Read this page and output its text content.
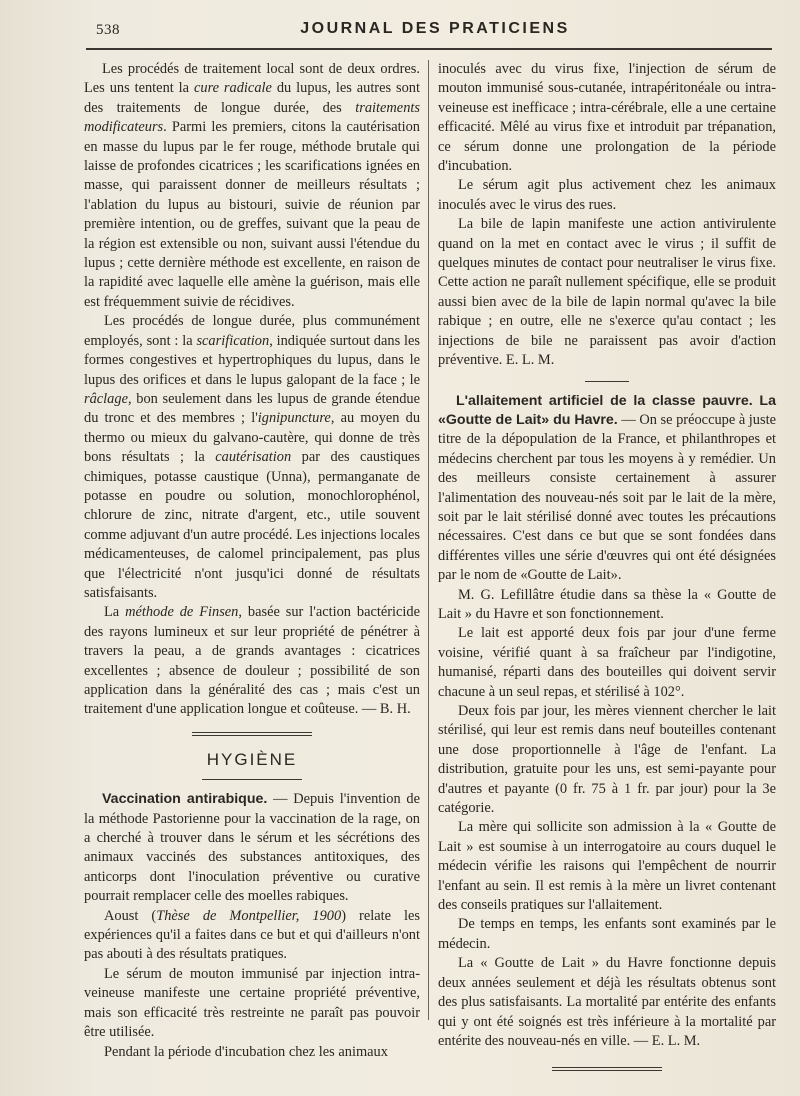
538	JOURNAL DES PRATICIENS

Les procédés de traitement local sont de deux ordres. Les uns tentent la cure radicale du lupus, les autres sont des traitements de longue durée, des traitements modificateurs. Parmi les premiers, citons la cautérisation en masse du lupus par le fer rouge, méthode brutale qui laisse de profondes cicatrices ; les scarifications ignées en masse, qui paraissent donner de meilleurs résultats ; l'ablation du lupus au bistouri, suivie de réunion par première intention, ou de greffes, suivant que la peau de la région est extensible ou non, suivant aussi l'étendue du lupus ; cette dernière méthode est excellente, en raison de la rapidité avec laquelle elle amène la guérison, mais elle est fréquemment suivie de récidives.

Les procédés de longue durée, plus communément employés, sont : la scarification, indiquée surtout dans les formes congestives et hypertrophiques du lupus, dans le lupus des orifices et dans le lupus galopant de la face ; le râclage, bon seulement dans les lupus de grande étendue du tronc et des membres ; l'ignipuncture, au moyen du thermo ou mieux du galvano-cautère, qui donne de très bons résultats ; la cautérisation par des caustiques chimiques, potasse caustique (Unna), permanganate de potasse en poudre ou solution, monochlorophénol, chlorure de zinc, nitrate d'argent, etc., utile souvent comme adjuvant d'un autre procédé. Les injections locales médicamenteuses, de calomel principalement, pas plus que l'électricité n'ont jusqu'ici donné de résultats satisfaisants.

La méthode de Finsen, basée sur l'action bactéricide des rayons lumineux et sur leur propriété de pénétrer à travers la peau, a de grands avantages : cicatrices excellentes ; absence de douleur ; possibilité de son application dans la généralité des cas ; mais c'est un traitement d'une application longue et coûteuse. — B. H.

HYGIÈNE

Vaccination antirabique. — Depuis l'invention de la méthode Pastorienne pour la vaccination de la rage, on a cherché à trouver dans le sérum et les sécrétions des animaux vaccinés des substances antitoxiques, des anticorps dont l'inoculation préventive ou curative pourrait remplacer celle des moelles rabiques.

Aoust (Thèse de Montpellier, 1900) relate les expériences qu'il a faites dans ce but et qui d'ailleurs n'ont pas abouti à des résultats pratiques.

Le sérum de mouton immunisé par injection intra-veineuse manifeste une certaine propriété préventive, mais son efficacité très restreinte ne paraît pas pouvoir être utilisée.

Pendant la période d'incubation chez les animaux

inoculés avec du virus fixe, l'injection de sérum de mouton immunisé sous-cutanée, intrapéritonéale ou intra-veineuse est inefficace ; intra-cérébrale, elle a une certaine efficacité. Mêlé au virus fixe et introduit par trépanation, ce sérum donne une prolongation de la période d'incubation.

Le sérum agit plus activement chez les animaux inoculés avec le virus des rues.

La bile de lapin manifeste une action antivirulente quand on la met en contact avec le virus ; il suffit de quelques minutes de contact pour neutraliser le virus fixe. Cette action ne paraît nullement spécifique, elle se produit aussi bien avec de la bile de lapin normal qu'avec la bile rabique ; en outre, elle ne s'exerce qu'au contact ; les injections de bile ne paraissent pas avoir d'action préventive. E. L. M.

L'allaitement artificiel de la classe pauvre. La «Goutte de Lait» du Havre. — On se préoccupe à juste titre de la dépopulation de la France, et philanthropes et médecins cherchent par tous les moyens à y remédier. Un des meilleurs consiste certainement à assurer l'alimentation des nouveau-nés soit par le lait de la mère, soit par le lait stérilisé donné avec toutes les précautions nécessaires. C'est dans ce but que se sont fondées dans différentes villes une série d'œuvres qui ont été désignées par le nom de «Goutte de Lait».

M. G. Lefillâtre étudie dans sa thèse la « Goutte de Lait » du Havre et son fonctionnement.

Le lait est apporté deux fois par jour d'une ferme voisine, vérifié quant à sa fraîcheur par l'indigotine, humanisé, réparti dans des bouteilles qui doivent servir chacune à un seul repas, et stérilisé à 102°.

Deux fois par jour, les mères viennent chercher le lait stérilisé, qui leur est remis dans neuf bouteilles contenant une dose proportionnelle à l'âge de l'enfant. La distribution, gratuite pour les uns, est semi-payante pour d'autres et payante (0 fr. 75 à 1 fr. par jour) pour la 3e catégorie.

La mère qui sollicite son admission à la « Goutte de Lait » est soumise à un interrogatoire au cours duquel le médecin vérifie les raisons qui l'empêchent de nourrir l'enfant au sein. Il est remis à la mère un livret contenant des conseils pratiques sur l'allaitement.

De temps en temps, les enfants sont examinés par le médecin.

La « Goutte de Lait » du Havre fonctionne depuis deux années seulement et déjà les résultats obtenus sont des plus satisfaisants. La mortalité par entérite des enfants qui y ont été soignés est très inférieure à la mortalité par entérite des nouveau-nés en ville. — E. L. M.
